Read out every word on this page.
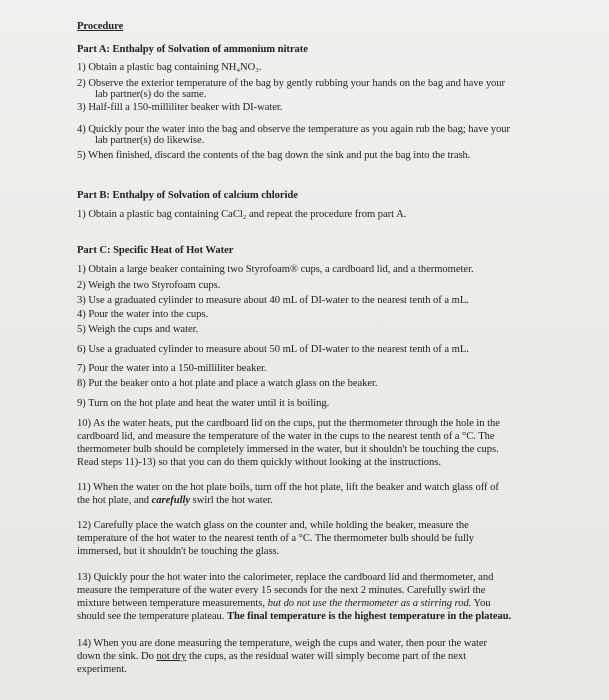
Procedure
Part A: Enthalpy of Solvation of ammonium nitrate
1) Obtain a plastic bag containing NH₄NO₃.
2) Observe the exterior temperature of the bag by gently rubbing your hands on the bag and have your
lab partner(s) do the same.
3) Half-fill a 150-milliliter beaker with DI-water.
4) Quickly pour the water into the bag and observe the temperature as you again rub the bag; have your
lab partner(s) do likewise.
5) When finished, discard the contents of the bag down the sink and put the bag into the trash.
Part B: Enthalpy of Solvation of calcium chloride
1) Obtain a plastic bag containing CaCl₂ and repeat the procedure from part A.
Part C: Specific Heat of Hot Water
1) Obtain a large beaker containing two Styrofoam® cups, a cardboard lid, and a thermometer.
2) Weigh the two Styrofoam cups.
3) Use a graduated cylinder to measure about 40 mL of DI-water to the nearest tenth of a mL.
4) Pour the water into the cups.
5) Weigh the cups and water.
6) Use a graduated cylinder to measure about 50 mL of DI-water to the nearest tenth of a mL.
7) Pour the water into a 150-milliliter beaker.
8) Put the beaker onto a hot plate and place a watch glass on the beaker.
9) Turn on the hot plate and heat the water until it is boiling.
10) As the water heats, put the cardboard lid on the cups, put the thermometer through the hole in the
cardboard lid, and measure the temperature of the water in the cups to the nearest tenth of a °C. The
thermometer bulb should be completely immersed in the water, but it shouldn't be touching the cups.
Read steps 11)-13) so that you can do them quickly without looking at the instructions.
11) When the water on the hot plate boils, turn off the hot plate, lift the beaker and watch glass off of
the hot plate, and carefully swirl the hot water.
12) Carefully place the watch glass on the counter and, while holding the beaker, measure the
temperature of the hot water to the nearest tenth of a °C. The thermometer bulb should be fully
immersed, but it shouldn't be touching the glass.
13) Quickly pour the hot water into the calorimeter, replace the cardboard lid and thermometer, and
measure the temperature of the water every 15 seconds for the next 2 minutes. Carefully swirl the
mixture between temperature measurements, but do not use the thermometer as a stirring rod. You
should see the temperature plateau. The final temperature is the highest temperature in the plateau.
14) When you are done measuring the temperature, weigh the cups and water, then pour the water
down the sink. Do not dry the cups, as the residual water will simply become part of the next
experiment.
